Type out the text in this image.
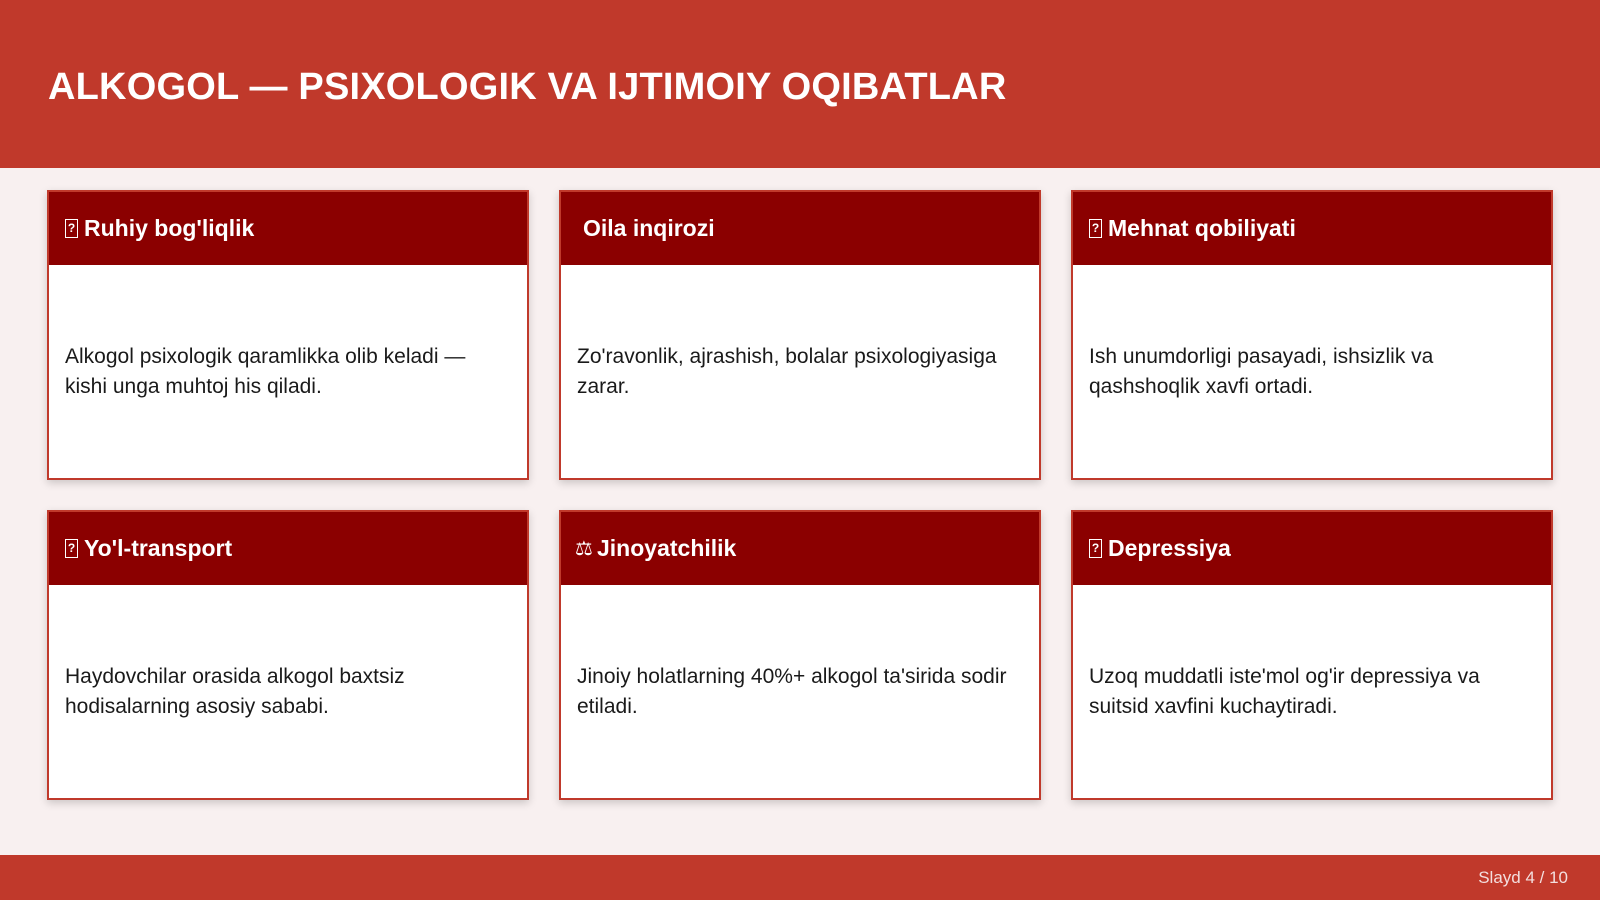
ALKOGOL — PSIXOLOGIK VA IJTIMOIY OQIBATLAR
? Ruhiy bog'liqlik
Alkogol psixologik qaramlikka olib keladi — kishi unga muhtoj his qiladi.
Oila inqirozi
Zo'ravonlik, ajrashish, bolalar psixologiyasiga zarar.
? Mehnat qobiliyati
Ish unumdorligi pasayadi, ishsizlik va qashshoqlik xavfi ortadi.
? Yo'l-transport
Haydovchilar orasida alkogol baxtsiz hodisalarning asosiy sababi.
⚖ Jinoyatchilik
Jinoiy holatlarning 40%+ alkogol ta'sirida sodir etiladi.
? Depressiya
Uzoq muddatli iste'mol og'ir depressiya va suitsid xavfini kuchaytiradi.
Slayd 4 / 10
